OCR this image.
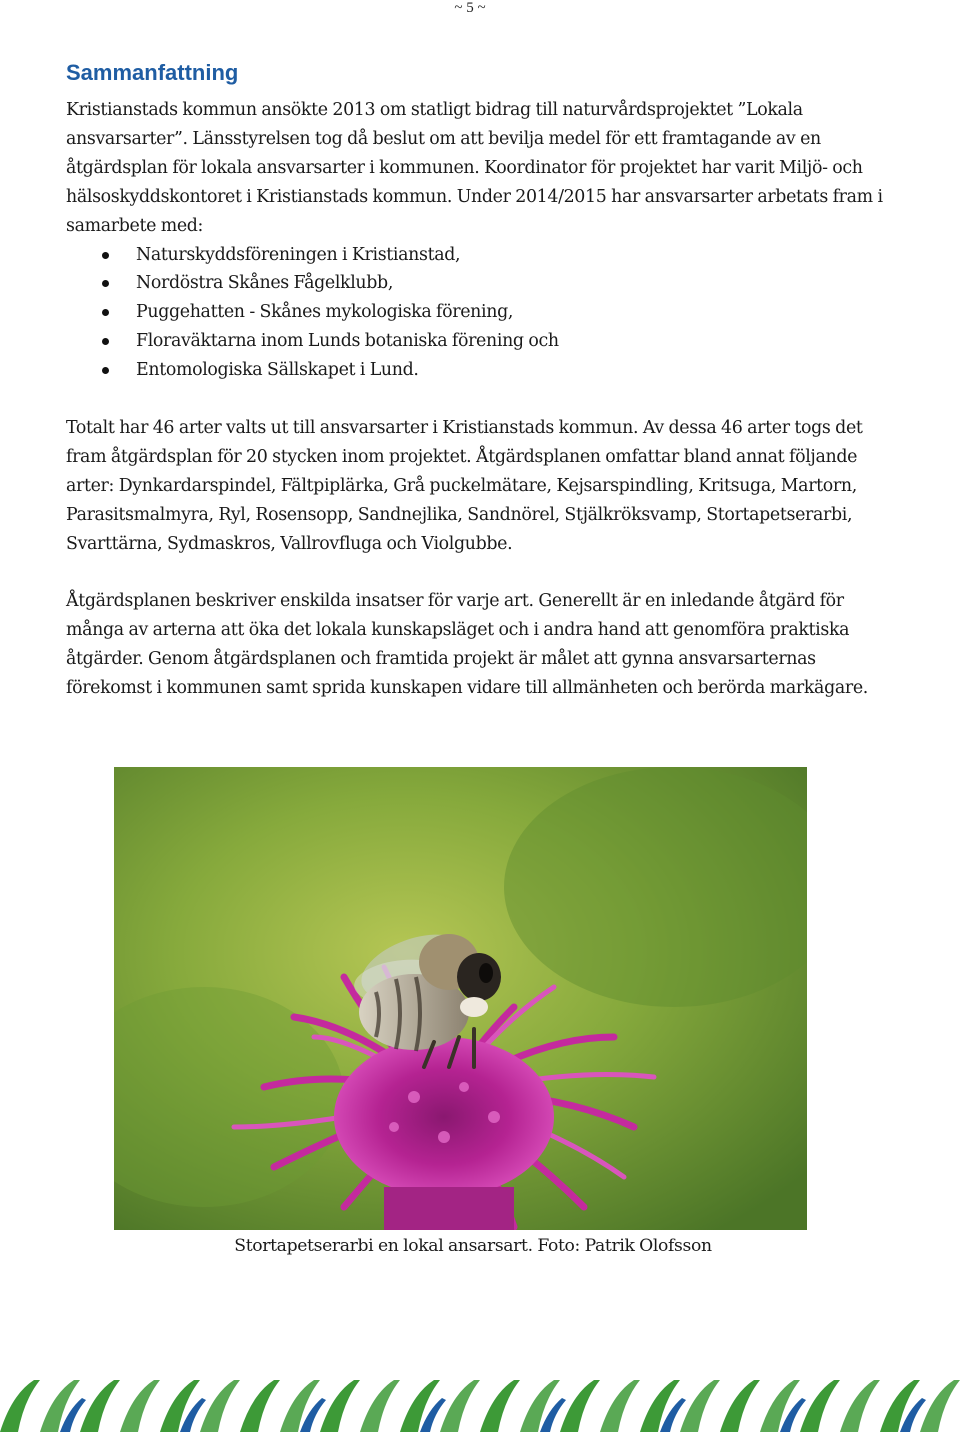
~ 5 ~
Sammanfattning

Kristianstads kommun ansökte 2013 om statligt bidrag till naturvårdsprojektet ”Lokala ansvarsarter”. Länsstyrelsen tog då beslut om att bevilja medel för ett framtagande av en åtgärdsplan för lokala ansvarsarter i kommunen. Koordinator för projektet har varit Miljö- och hälsoskyddskontoret i Kristianstads kommun. Under 2014/2015 har ansvarsarter arbetats fram i samarbete med:

Naturskyddsföreningen i Kristianstad,
Nordöstra Skånes Fågelklubb,
Puggehatten - Skånes mykologiska förening,
Floraväktarna inom Lunds botaniska förening och
Entomologiska Sällskapet i Lund.

Totalt har 46 arter valts ut till ansvarsarter i Kristianstads kommun. Av dessa 46 arter togs det fram åtgärdsplan för 20 stycken inom projektet. Åtgärdsplanen omfattar bland annat följande arter: Dynkardarspindel, Fältpiplärka, Grå puckelmätare, Kejsarspindling, Kritsuga, Martorn, Parasitsmalmyra, Ryl, Rosensopp, Sandnejlika, Sandnörel, Stjälkröksvamp, Stortapetserarbi, Svarttärna, Sydmaskros, Vallrovfluga och Violgubbe.

Åtgärdsplanen beskriver enskilda insatser för varje art. Generellt är en inledande åtgärd för många av arterna att öka det lokala kunskapsläget och i andra hand att genomföra praktiska åtgärder. Genom åtgärdsplanen och framtida projekt är målet att gynna ansvarsarternas förekomst i kommunen samt sprida kunskapen vidare till allmänheten och berörda markägare.

Stortapetserarbi en lokal ansarsart. Foto: Patrik Olofsson
